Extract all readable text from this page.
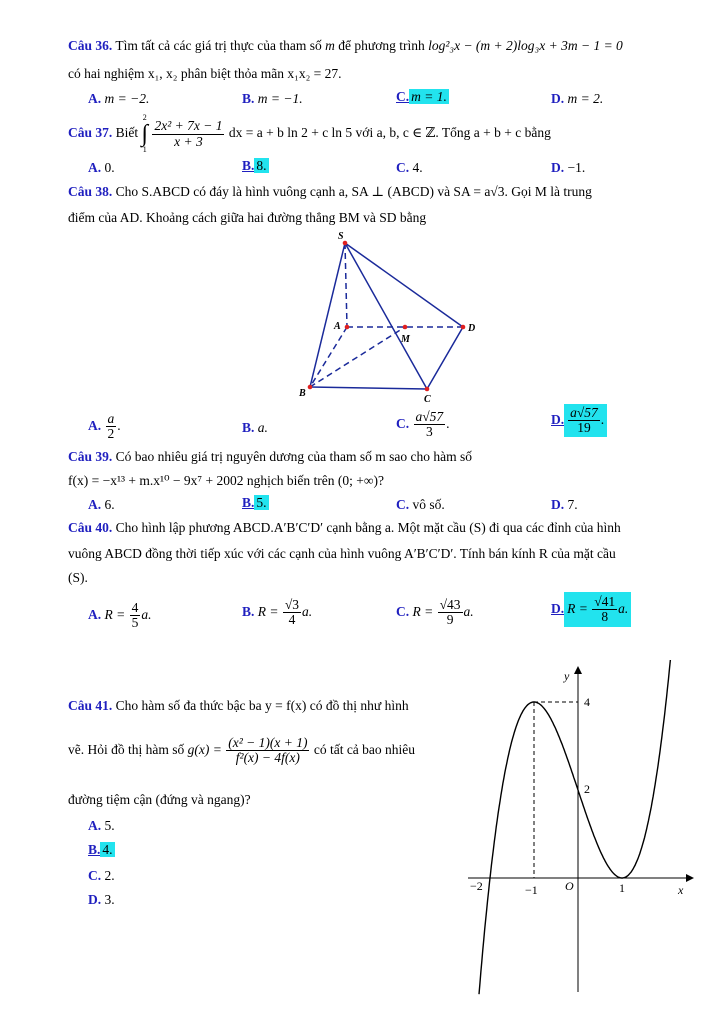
Câu 36. Tìm tất cả các giá trị thực của tham số m để phương trình log²₃x − (m + 2)log₃x + 3m − 1 = 0
có hai nghiệm x₁, x₂ phân biệt thỏa mãn x₁x₂ = 27.
A. m = −2.	B. m = −1.	C. m = 1.	D. m = 2.
Câu 37. Biết
2
∫
1

$\frac{\text{2x² + 7x − 1}}{x + 3}$ dx = a + b ln 2 + c ln 5 với a, b, c ∈ ℤ. Tổng a + b + c bằng
A. 0.	B. 8.	C. 4.	D. −1.
Câu 38. Cho S.ABCD có đáy là hình vuông cạnh a, SA ⊥ (ABCD) và SA = a√3. Gọi M là trung
điểm của AD. Khoảng cách giữa hai đường thẳng BM và SD bằng
S
A
M
D
B
C
A. $\frac{a}{2}$ .	B. a.	C. $\frac{a√57}{3}$ .	D. $\frac{a√57}{19}$ .
Câu 39. Có bao nhiêu giá trị nguyên dương của tham số m sao cho hàm số
f(x) = −x¹³ + m.x¹⁰ − 9x⁷ + 2002 nghịch biến trên (0; +∞)?
A. 6.	B. 5.	C. vô số.	D. 7.
Câu 40. Cho hình lập phương ABCD.A′B′C′D′ cạnh bằng a. Một mặt cầu (S) đi qua các đỉnh của hình
vuông ABCD đồng thời tiếp xúc với các cạnh của hình vuông A′B′C′D′. Tính bán kính R của mặt cầu
(S).
A. $R = \frac{4}{5} a$.	B. $R = \frac{√3}{4} a$.	C. $R = \frac{√43}{9} a$.	D. $R = \frac{√41}{8} a$.
Câu 41. Cho hàm số đa thức bậc ba y = f(x) có đồ thị như hình
vẽ. Hỏi đồ thị hàm số $g(x) = \frac{\text{(x² − 1)(x + 1)}}{\text{f²(x) − 4f(x)}}$ có tất cả bao nhiêu
đường tiệm cận (đứng và ngang)?
A. 5.
B. 4.
C. 2.
D. 3.
y
x
O
4
2
−2	−1	1
